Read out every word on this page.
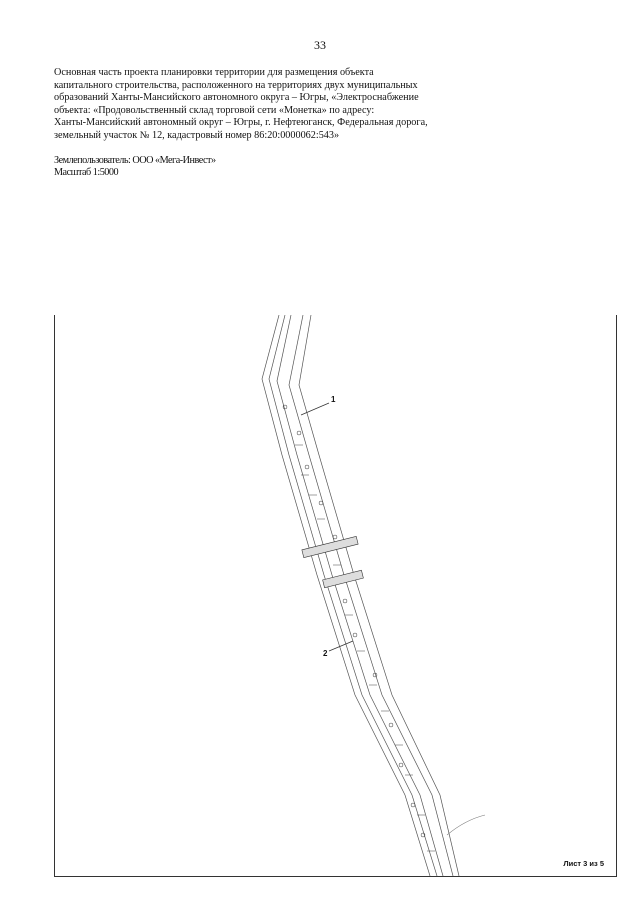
33
Основная часть проекта планировки территории для размещения объекта
капитального строительства, расположенного на территориях двух муниципальных
образований Ханты-Мансийского автономного округа – Югры, «Электроснабжение
объекта: «Продовольственный склад торговой сети «Монетка» по адресу:
Ханты-Мансийский автономный округ – Югры, г. Нефтеюганск, Федеральная дорога,
земельный участок № 12, кадастровый номер 86:20:0000062:543»
Землепользователь: ООО «Мега-Инвест»
Масштаб 1:5000
1
2
Лист 3 из 5
